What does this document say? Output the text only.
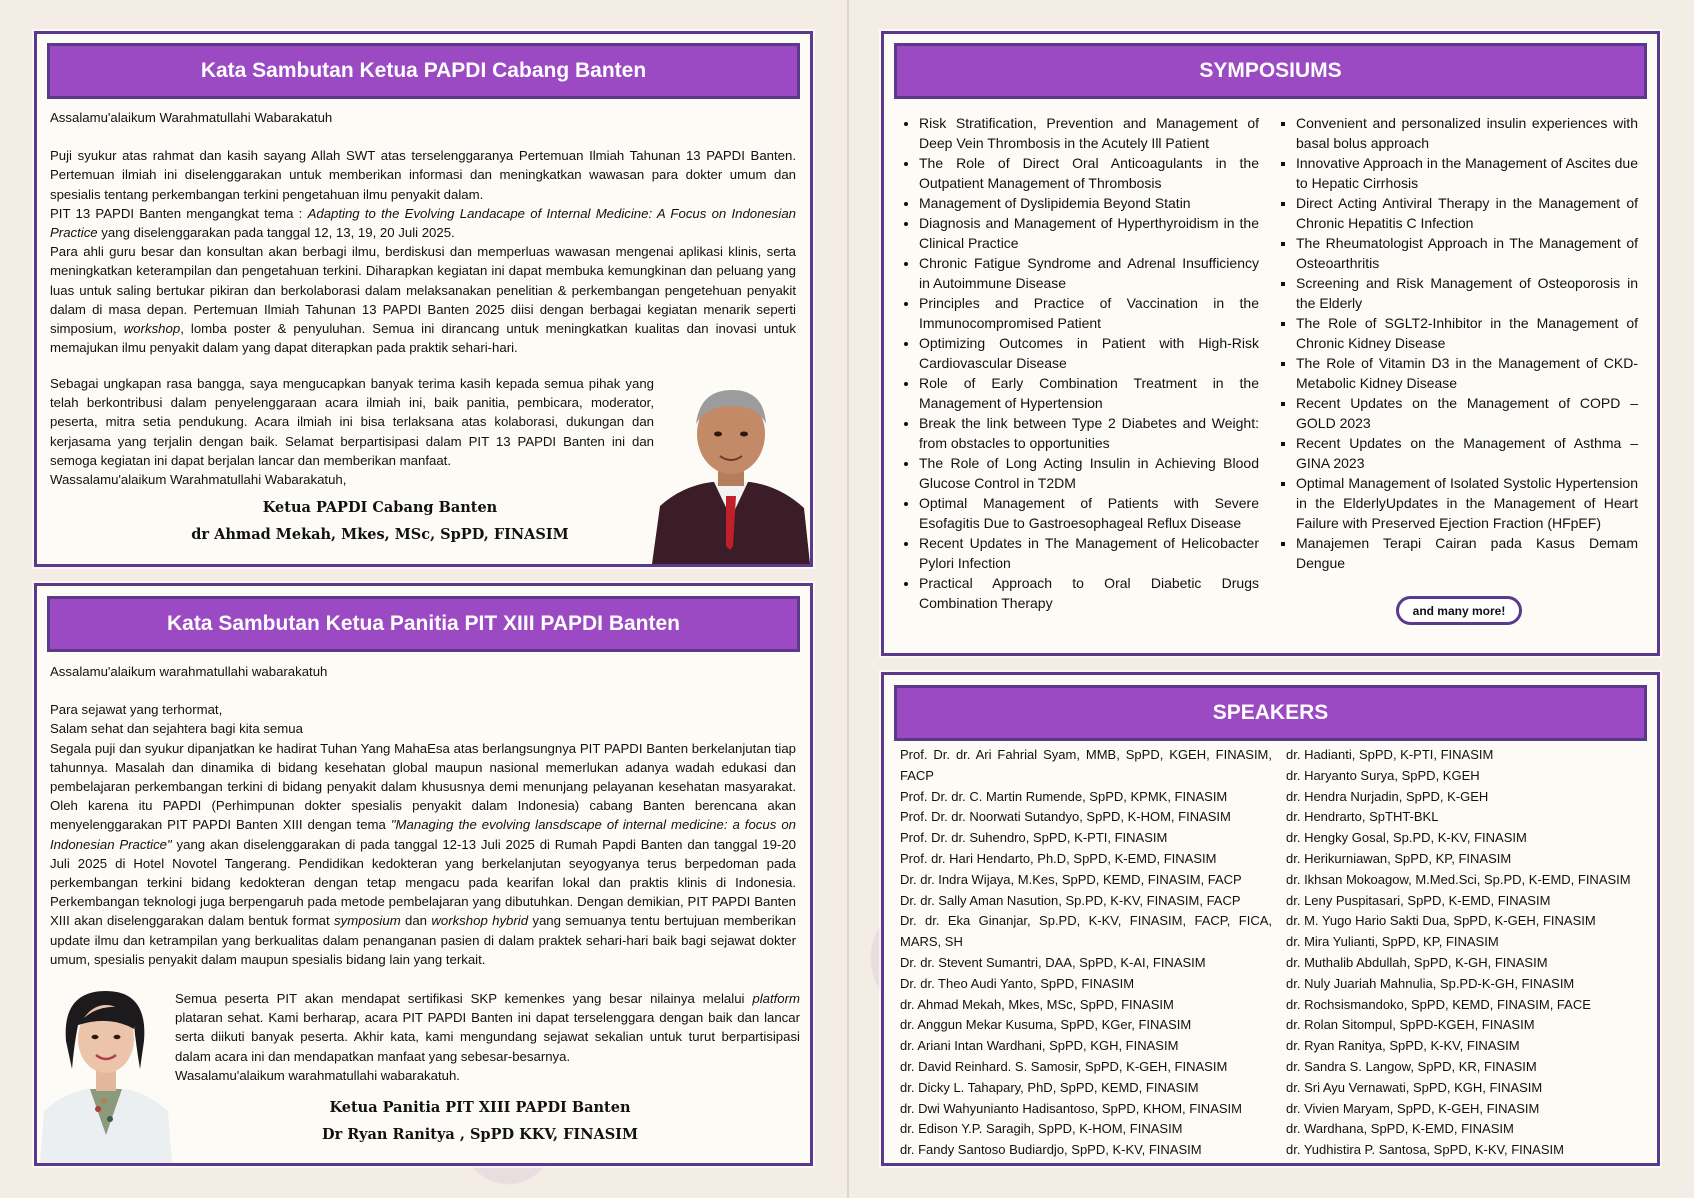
Kata Sambutan Ketua PAPDI Cabang Banten

Assalamu'alaikum Warahmatullahi Wabarakatuh

Puji syukur atas rahmat dan kasih sayang Allah SWT atas terselenggaranya Pertemuan Ilmiah Tahunan 13 PAPDI Banten. Pertemuan ilmiah ini diselenggarakan untuk memberikan informasi dan meningkatkan wawasan para dokter umum dan spesialis tentang perkembangan terkini pengetahuan ilmu penyakit dalam.

PIT 13 PAPDI Banten mengangkat tema : Adapting to the Evolving Landacape of Internal Medicine: A Focus on Indonesian Practice yang diselenggarakan pada tanggal 12, 13, 19, 20 Juli 2025.

Para ahli guru besar dan konsultan akan berbagi ilmu, berdiskusi dan memperluas wawasan mengenai aplikasi klinis, serta meningkatkan keterampilan dan pengetahuan terkini. Diharapkan kegiatan ini dapat membuka kemungkinan dan peluang yang luas untuk saling bertukar pikiran dan berkolaborasi dalam melaksanakan penelitian & perkembangan pengetehuan penyakit dalam di masa depan. Pertemuan Ilmiah Tahunan 13 PAPDI Banten 2025 diisi dengan berbagai kegiatan menarik seperti simposium, workshop, lomba poster & penyuluhan. Semua ini dirancang untuk meningkatkan kualitas dan inovasi untuk memajukan ilmu penyakit dalam yang dapat diterapkan pada praktik sehari-hari.

Sebagai ungkapan rasa bangga, saya mengucapkan banyak terima kasih kepada semua pihak yang telah berkontribusi dalam penyelenggaraan acara ilmiah ini, baik panitia, pembicara, moderator, peserta, mitra setia pendukung. Acara ilmiah ini bisa terlaksana atas kolaborasi, dukungan dan kerjasama yang terjalin dengan baik. Selamat berpartisipasi dalam PIT 13 PAPDI Banten ini dan semoga kegiatan ini dapat berjalan lancar dan memberikan manfaat.

Wassalamu'alaikum Warahmatullahi Wabarakatuh,

Ketua PAPDI Cabang Banten
dr Ahmad Mekah, Mkes, MSc, SpPD, FINASIM
Kata Sambutan Ketua Panitia PIT XIII PAPDI Banten

Assalamu'alaikum warahmatullahi wabarakatuh

Para sejawat yang terhormat,

Salam sehat dan sejahtera bagi kita semua

Segala puji dan syukur dipanjatkan ke hadirat Tuhan Yang MahaEsa atas berlangsungnya PIT PAPDI Banten berkelanjutan tiap tahunnya. Masalah dan dinamika di bidang kesehatan global maupun nasional memerlukan adanya wadah edukasi dan pembelajaran perkembangan terkini di bidang penyakit dalam khususnya demi menunjang pelayanan kesehatan masyarakat. Oleh karena itu PAPDI (Perhimpunan dokter spesialis penyakit dalam Indonesia) cabang Banten berencana akan menyelenggarakan PIT PAPDI Banten XIII dengan tema "Managing the evolving lansdscape of internal medicine: a focus on Indonesian Practice" yang akan diselenggarakan di pada tanggal 12-13 Juli 2025 di Rumah Papdi Banten dan tanggal 19-20 Juli 2025 di Hotel Novotel Tangerang. Pendidikan kedokteran yang berkelanjutan seyogyanya terus berpedoman pada perkembangan terkini bidang kedokteran dengan tetap mengacu pada kearifan lokal dan praktis klinis di Indonesia. Perkembangan teknologi juga berpengaruh pada metode pembelajaran yang dibutuhkan. Dengan demikian, PIT PAPDI Banten XIII akan diselenggarakan dalam bentuk format symposium dan workshop hybrid yang semuanya tentu bertujuan memberikan update ilmu dan ketrampilan yang berkualitas dalam penanganan pasien di dalam praktek sehari-hari baik bagi sejawat dokter umum, spesialis penyakit dalam maupun spesialis bidang lain yang terkait.

Semua peserta PIT akan mendapat sertifikasi SKP kemenkes yang besar nilainya melalui platform plataran sehat. Kami berharap, acara PIT PAPDI Banten ini dapat terselenggara dengan baik dan lancar serta diikuti banyak peserta. Akhir kata, kami mengundang sejawat sekalian untuk turut berpartisipasi dalam acara ini dan mendapatkan manfaat yang sebesar-besarnya.

Wasalamu'alaikum warahmatullahi wabarakatuh.

Ketua Panitia PIT XIII PAPDI Banten
Dr Ryan Ranitya , SpPD KKV, FINASIM
SYMPOSIUMS
• Risk Stratification, Prevention and Management of Deep Vein Thrombosis in the Acutely Ill Patient
• The Role of Direct Oral Anticoagulants in the Outpatient Management of Thrombosis
• Management of Dyslipidemia Beyond Statin
• Diagnosis and Management of Hyperthyroidism in the Clinical Practice
• Chronic Fatigue Syndrome and Adrenal Insufficiency in Autoimmune Disease
• Principles and Practice of Vaccination in the Immunocompromised Patient
• Optimizing Outcomes in Patient with High-Risk Cardiovascular Disease
• Role of Early Combination Treatment in the Management of Hypertension
• Break the link between Type 2 Diabetes and Weight: from obstacles to opportunities
• The Role of Long Acting Insulin in Achieving Blood Glucose Control in T2DM
• Optimal Management of Patients with Severe Esofagitis Due to Gastroesophageal Reflux Disease
• Recent Updates in The Management of Helicobacter Pylori Infection
• Practical Approach to Oral Diabetic Drugs Combination Therapy
▪ Convenient and personalized insulin experiences with basal bolus approach
▪ Innovative Approach in the Management of Ascites due to Hepatic Cirrhosis
▪ Direct Acting Antiviral Therapy in the Management of Chronic Hepatitis C Infection
▪ The Rheumatologist Approach in The Management of Osteoarthritis
▪ Screening and Risk Management of Osteoporosis in the Elderly
▪ The Role of SGLT2-Inhibitor in the Management of Chronic Kidney Disease
▪ The Role of Vitamin D3 in the Management of CKD-Metabolic Kidney Disease
▪ Recent Updates on the Management of COPD – GOLD 2023
▪ Recent Updates on the Management of Asthma – GINA 2023
▪ Optimal Management of Isolated Systolic Hypertension in the ElderlyUpdates in the Management of Heart Failure with Preserved Ejection Fraction (HFpEF)
▪ Manajemen Terapi Cairan pada Kasus Demam Dengue
and many more!
SPEAKERS
Prof. Dr. dr. Ari Fahrial Syam, MMB, SpPD, KGEH, FINASIM, FACP
Prof. Dr. dr. C. Martin Rumende, SpPD, KPMK, FINASIM
Prof. Dr. dr. Noorwati Sutandyo, SpPD, K-HOM, FINASIM
Prof. Dr. dr. Suhendro, SpPD, K-PTI, FINASIM
Prof. dr. Hari Hendarto, Ph.D, SpPD, K-EMD, FINASIM
Dr. dr. Indra Wijaya, M.Kes, SpPD, KEMD, FINASIM, FACP
Dr. dr. Sally Aman Nasution, Sp.PD, K-KV, FINASIM, FACP
Dr. dr. Eka Ginanjar, Sp.PD, K-KV, FINASIM, FACP, FICA, MARS, SH
Dr. dr. Stevent Sumantri, DAA, SpPD, K-AI, FINASIM
Dr. dr. Theo Audi Yanto, SpPD, FINASIM
dr. Ahmad Mekah, Mkes, MSc, SpPD, FINASIM
dr. Anggun Mekar Kusuma, SpPD, KGer, FINASIM
dr. Ariani Intan Wardhani, SpPD, KGH, FINASIM
dr. David Reinhard. S. Samosir, SpPD, K-GEH, FINASIM
dr. Dicky L. Tahapary, PhD, SpPD, KEMD, FINASIM
dr. Dwi Wahyunianto Hadisantoso, SpPD, KHOM, FINASIM
dr. Edison Y.P. Saragih, SpPD, K-HOM, FINASIM
dr. Fandy Santoso Budiardjo, SpPD, K-KV, FINASIM
dr. Hadianti, SpPD, K-PTI, FINASIM
dr. Haryanto Surya, SpPD, KGEH
dr. Hendra Nurjadin, SpPD, K-GEH
dr. Hendrarto, SpTHT-BKL
dr. Hengky Gosal, Sp.PD, K-KV, FINASIM
dr. Herikurniawan, SpPD, KP, FINASIM
dr. Ikhsan Mokoagow, M.Med.Sci, Sp.PD, K-EMD, FINASIM
dr. Leny Puspitasari, SpPD, K-EMD, FINASIM
dr. M. Yugo Hario Sakti Dua, SpPD, K-GEH, FINASIM
dr. Mira Yulianti, SpPD, KP, FINASIM
dr. Muthalib Abdullah, SpPD, K-GH, FINASIM
dr. Nuly Juariah Mahnulia, Sp.PD-K-GH, FINASIM
dr. Rochsismandoko, SpPD, KEMD, FINASIM, FACE
dr. Rolan Sitompul, SpPD-KGEH, FINASIM
dr. Ryan Ranitya, SpPD, K-KV, FINASIM
dr. Sandra S. Langow, SpPD, KR, FINASIM
dr. Sri Ayu Vernawati, SpPD, KGH, FINASIM
dr. Vivien Maryam, SpPD, K-GEH, FINASIM
dr. Wardhana, SpPD, K-EMD, FINASIM
dr. Yudhistira P. Santosa, SpPD, K-KV, FINASIM
